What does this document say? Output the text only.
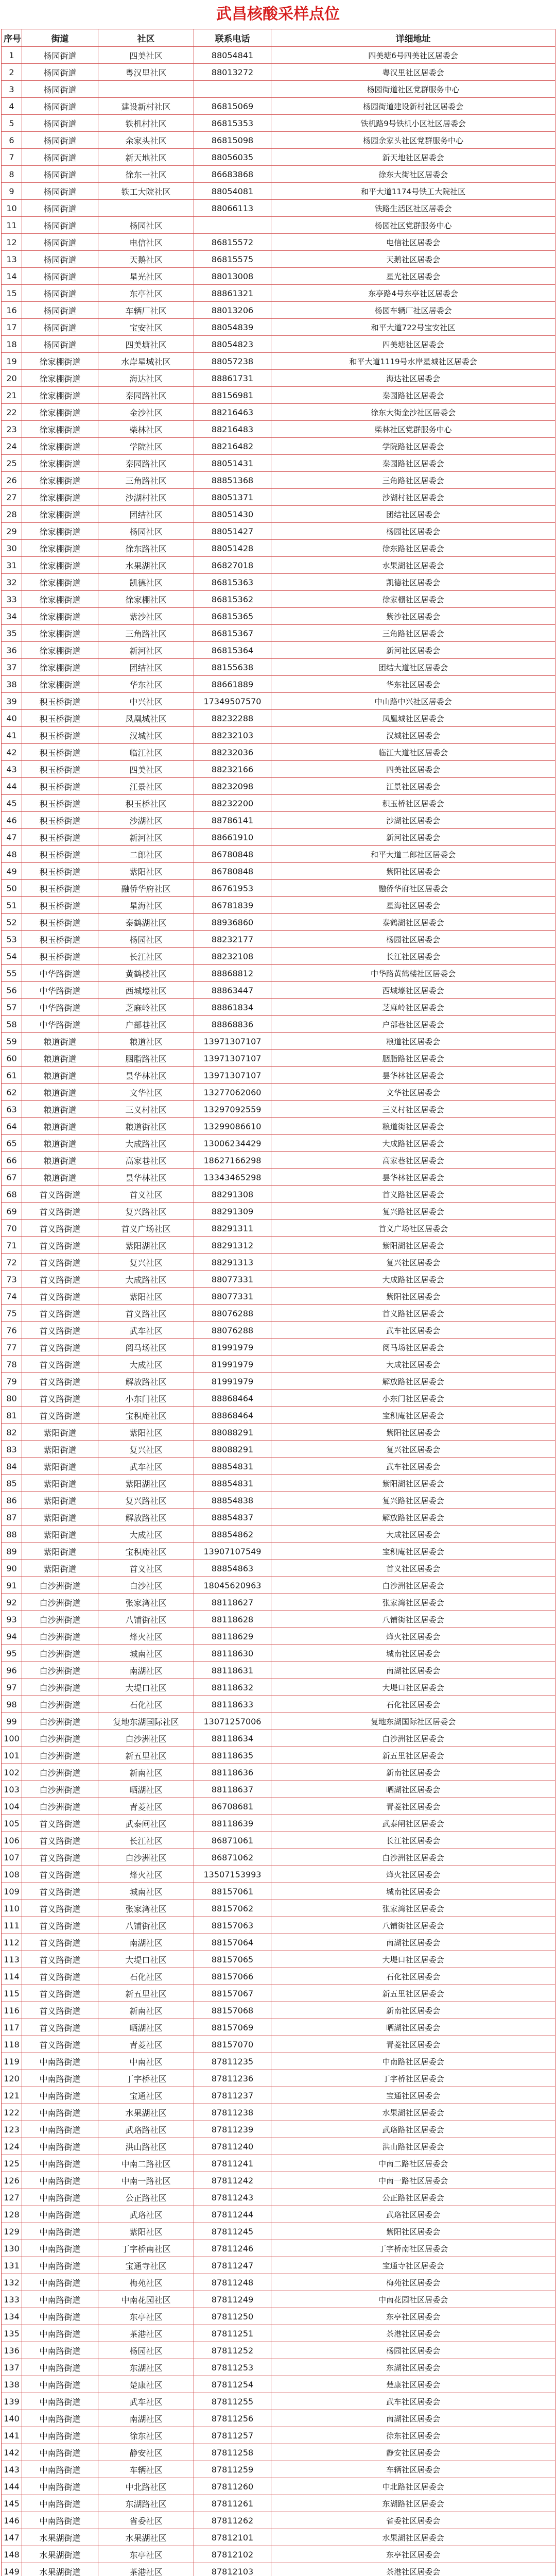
武昌核酸采样点位
序号	街道	社区	联系电话	详细地址
1	杨园街道	四美社区	88054841	四美塘6号四美社区居委会
2	杨园街道	粤汉里社区	88013272	粤汉里社区居委会
3	杨园街道			杨园街道社区党群服务中心
4	杨园街道	建设新村社区	86815069	杨园街道建设新村社区居委会
5	杨园街道	铁机村社区	86815353	铁机路9号铁机小区社区居委会
6	杨园街道	余家头社区	86815098	杨园余家头社区党群服务中心
7	杨园街道	新天地社区	88056035	新天地社区居委会
8	杨园街道	徐东一社区	86683868	徐东大街社区居委会
9	杨园街道	铁工大院社区	88054081	和平大道1174号铁工大院社区
10	杨园街道		88066113	铁路生活区社区居委会
11	杨园街道	杨园社区		杨园社区党群服务中心
12	杨园街道	电信社区	86815572	电信社区居委会
13	杨园街道	天鹅社区	86815575	天鹅社区居委会
14	杨园街道	星光社区	88013008	星光社区居委会
15	杨园街道	东亭社区	88861321	东亭路4号东亭社区居委会
16	杨园街道	车辆厂社区	88013206	杨园车辆厂社区居委会
17	杨园街道	宝安社区	88054839	和平大道722号宝安社区
18	杨园街道	四美塘社区	88054823	四美塘社区居委会
19	徐家棚街道	水岸星城社区	88057238	和平大道1119号水岸星城社区居委会
20	徐家棚街道	海达社区	88861731	海达社区居委会
21	徐家棚街道	秦园路社区	88156981	秦园路社区居委会
22	徐家棚街道	金沙社区	88216463	徐东大街金沙社区居委会
23	徐家棚街道	柴林社区	88216483	柴林社区党群服务中心
24	徐家棚街道	学院社区	88216482	学院路社区居委会
25	徐家棚街道	秦园路社区	88051431	秦园路社区居委会
26	徐家棚街道	三角路社区	88851368	三角路社区居委会
27	徐家棚街道	沙湖村社区	88051371	沙湖村社区居委会
28	徐家棚街道	团结社区	88051430	团结社区居委会
29	徐家棚街道	杨园社区	88051427	杨园社区居委会
30	徐家棚街道	徐东路社区	88051428	徐东路社区居委会
31	徐家棚街道	水果湖社区	86827018	水果湖社区居委会
32	徐家棚街道	凯德社区	86815363	凯德社区居委会
33	徐家棚街道	徐家棚社区	86815362	徐家棚社区居委会
34	徐家棚街道	紫沙社区	86815365	紫沙社区居委会
35	徐家棚街道	三角路社区	86815367	三角路社区居委会
36	徐家棚街道	新河社区	86815364	新河社区居委会
37	徐家棚街道	团结社区	88155638	团结大道社区居委会
38	徐家棚街道	华东社区	88661889	华东社区居委会
39	积玉桥街道	中兴社区	17349507570	中山路中兴社区居委会
40	积玉桥街道	凤凰城社区	88232288	凤凰城社区居委会
41	积玉桥街道	汉城社区	88232103	汉城社区居委会
42	积玉桥街道	临江社区	88232036	临江大道社区居委会
43	积玉桥街道	四美社区	88232166	四美社区居委会
44	积玉桥街道	江景社区	88232098	江景社区居委会
45	积玉桥街道	积玉桥社区	88232200	积玉桥社区居委会
46	积玉桥街道	沙湖社区	88786141	沙湖社区居委会
47	积玉桥街道	新河社区	88661910	新河社区居委会
48	积玉桥街道	二郎社区	86780848	和平大道二郎社区居委会
49	积玉桥街道	紫阳社区	86780848	紫阳社区居委会
50	积玉桥街道	融侨华府社区	86761953	融侨华府社区居委会
51	积玉桥街道	星海社区	86781839	星海社区居委会
52	积玉桥街道	泰鹤湖社区	88936860	泰鹤湖社区居委会
53	积玉桥街道	杨园社区	88232177	杨园社区居委会
54	积玉桥街道	长江社区	88232108	长江社区居委会
55	中华路街道	黄鹤楼社区	88868812	中华路黄鹤楼社区居委会
56	中华路街道	西城壕社区	88863447	西城壕社区居委会
57	中华路街道	芝麻岭社区	88861834	芝麻岭社区居委会
58	中华路街道	户部巷社区	88868836	户部巷社区居委会
59	粮道街道	粮道社区	13971307107	粮道社区居委会
60	粮道街道	胭脂路社区	13971307107	胭脂路社区居委会
61	粮道街道	昙华林社区	13971307107	昙华林社区居委会
62	粮道街道	文华社区	13277062060	文华社区居委会
63	粮道街道	三义村社区	13297092559	三义村社区居委会
64	粮道街道	粮道街社区	13299086610	粮道街社区居委会
65	粮道街道	大成路社区	13006234429	大成路社区居委会
66	粮道街道	高家巷社区	18627166298	高家巷社区居委会
67	粮道街道	昙华林社区	13343465298	昙华林社区居委会
68	首义路街道	首义社区	88291308	首义路社区居委会
69	首义路街道	复兴路社区	88291309	复兴路社区居委会
70	首义路街道	首义广场社区	88291311	首义广场社区居委会
71	首义路街道	紫阳湖社区	88291312	紫阳湖社区居委会
72	首义路街道	复兴社区	88291313	复兴社区居委会
73	首义路街道	大成路社区	88077331	大成路社区居委会
74	首义路街道	紫阳社区	88077331	紫阳社区居委会
75	首义路街道	首义路社区	88076288	首义路社区居委会
76	首义路街道	武车社区	88076288	武车社区居委会
77	首义路街道	阅马场社区	81991979	阅马场社区居委会
78	首义路街道	大成社区	81991979	大成社区居委会
79	首义路街道	解放路社区	81991979	解放路社区居委会
80	首义路街道	小东门社区	88868464	小东门社区居委会
81	首义路街道	宝积庵社区	88868464	宝积庵社区居委会
82	紫阳街道	紫阳社区	88088291	紫阳社区居委会
83	紫阳街道	复兴社区	88088291	复兴社区居委会
84	紫阳街道	武车社区	88854831	武车社区居委会
85	紫阳街道	紫阳湖社区	88854831	紫阳湖社区居委会
86	紫阳街道	复兴路社区	88854838	复兴路社区居委会
87	紫阳街道	解放路社区	88854837	解放路社区居委会
88	紫阳街道	大成社区	88854862	大成社区居委会
89	紫阳街道	宝积庵社区	13907107549	宝积庵社区居委会
90	紫阳街道	首义社区	88854863	首义社区居委会
91	白沙洲街道	白沙社区	18045620963	白沙洲社区居委会
92	白沙洲街道	张家湾社区	88118627	张家湾社区居委会
93	白沙洲街道	八铺街社区	88118628	八铺街社区居委会
94	白沙洲街道	烽火社区	88118629	烽火社区居委会
95	白沙洲街道	城南社区	88118630	城南社区居委会
96	白沙洲街道	南湖社区	88118631	南湖社区居委会
97	白沙洲街道	大堤口社区	88118632	大堤口社区居委会
98	白沙洲街道	石化社区	88118633	石化社区居委会
99	白沙洲街道	复地东湖国际社区	13071257006	复地东湖国际社区居委会
100	白沙洲街道	白沙洲社区	88118634	白沙洲社区居委会
101	白沙洲街道	新五里社区	88118635	新五里社区居委会
102	白沙洲街道	新南社区	88118636	新南社区居委会
103	白沙洲街道	晒湖社区	88118637	晒湖社区居委会
104	白沙洲街道	青菱社区	86708681	青菱社区居委会
105	首义路街道	武泰闸社区	88118639	武泰闸社区居委会
106	首义路街道	长江社区	86871061	长江社区居委会
107	首义路街道	白沙洲社区	86871062	白沙洲社区居委会
108	首义路街道	烽火社区	13507153993	烽火社区居委会
109	首义路街道	城南社区	88157061	城南社区居委会
110	首义路街道	张家湾社区	88157062	张家湾社区居委会
111	首义路街道	八铺街社区	88157063	八铺街社区居委会
112	首义路街道	南湖社区	88157064	南湖社区居委会
113	首义路街道	大堤口社区	88157065	大堤口社区居委会
114	首义路街道	石化社区	88157066	石化社区居委会
115	首义路街道	新五里社区	88157067	新五里社区居委会
116	首义路街道	新南社区	88157068	新南社区居委会
117	首义路街道	晒湖社区	88157069	晒湖社区居委会
118	首义路街道	青菱社区	88157070	青菱社区居委会
119	中南路街道	中南社区	87811235	中南路社区居委会
120	中南路街道	丁字桥社区	87811236	丁字桥社区居委会
121	中南路街道	宝通社区	87811237	宝通社区居委会
122	中南路街道	水果湖社区	87811238	水果湖社区居委会
123	中南路街道	武珞路社区	87811239	武珞路社区居委会
124	中南路街道	洪山路社区	87811240	洪山路社区居委会
125	中南路街道	中南二路社区	87811241	中南二路社区居委会
126	中南路街道	中南一路社区	87811242	中南一路社区居委会
127	中南路街道	公正路社区	87811243	公正路社区居委会
128	中南路街道	武珞社区	87811244	武珞社区居委会
129	中南路街道	紫阳社区	87811245	紫阳社区居委会
130	中南路街道	丁字桥南社区	87811246	丁字桥南社区居委会
131	中南路街道	宝通寺社区	87811247	宝通寺社区居委会
132	中南路街道	梅苑社区	87811248	梅苑社区居委会
133	中南路街道	中南花园社区	87811249	中南花园社区居委会
134	中南路街道	东亭社区	87811250	东亭社区居委会
135	中南路街道	茶港社区	87811251	茶港社区居委会
136	中南路街道	杨园社区	87811252	杨园社区居委会
137	中南路街道	东湖社区	87811253	东湖社区居委会
138	中南路街道	楚康社区	87811254	楚康社区居委会
139	中南路街道	武车社区	87811255	武车社区居委会
140	中南路街道	南湖社区	87811256	南湖社区居委会
141	中南路街道	徐东社区	87811257	徐东社区居委会
142	中南路街道	静安社区	87811258	静安社区居委会
143	中南路街道	车辆社区	87811259	车辆社区居委会
144	中南路街道	中北路社区	87811260	中北路社区居委会
145	中南路街道	东湖路社区	87811261	东湖路社区居委会
146	中南路街道	省委社区	87811262	省委社区居委会
147	水果湖街道	水果湖社区	87812101	水果湖社区居委会
148	水果湖街道	东亭社区	87812102	东亭社区居委会
149	水果湖街道	茶港社区	87812103	茶港社区居委会
